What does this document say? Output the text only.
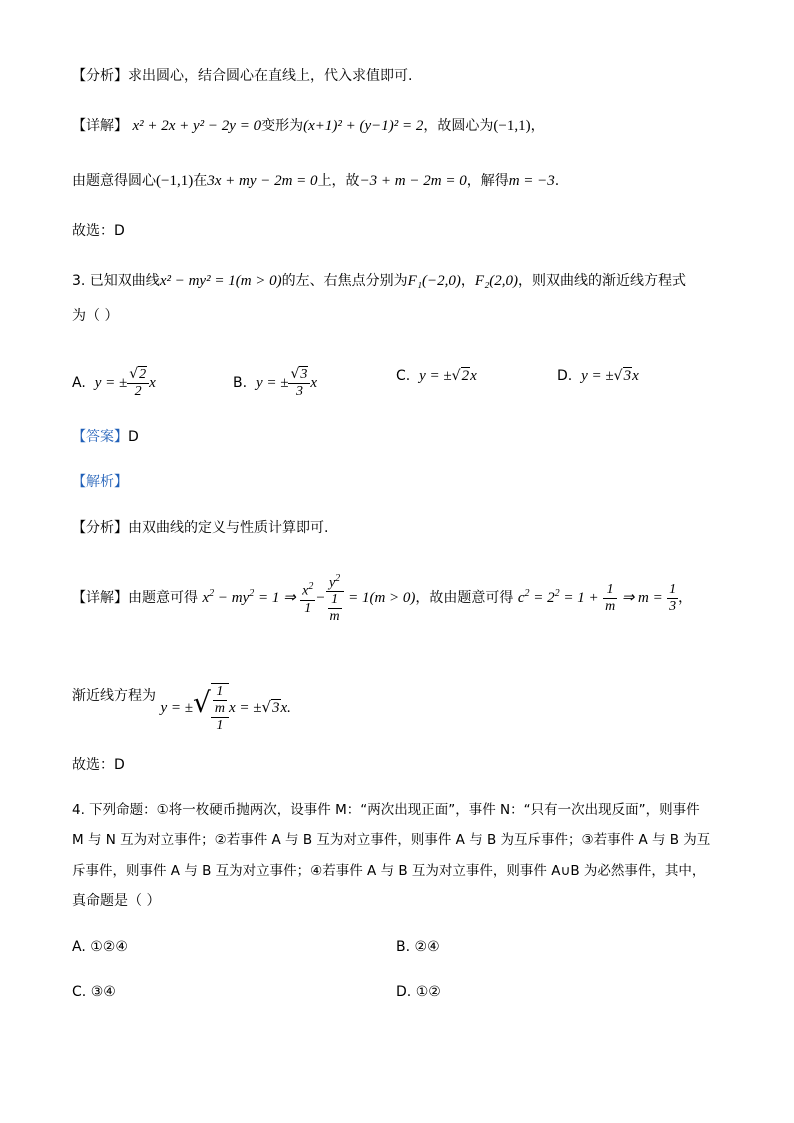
【分析】求出圆心，结合圆心在直线上，代入求值即可.
【详解】 x² + 2x + y² − 2y = 0变形为(x+1)² + (y−1)² = 2，故圆心为(−1,1)，
由题意得圆心(−1,1)在3x + my − 2m = 0上，故−3 + m − 2m = 0，解得m = −3.
故选：D
3. 已知双曲线x² − my² = 1(m > 0)的左、右焦点分别为F₁(−2,0)，F₂(2,0)，则双曲线的渐近线方程式
为（ ）
A. y = ± $\frac{√2}{2}$ x	B. y = ± $\frac{√3}{3}$ x	C. y = ±√2x	D. y = ±√3x
【答案】D
【解析】
【分析】由双曲线的定义与性质计算即可.
【详解】由题意可得 $x^2 - my^2 = 1$ ⇒ $\frac{x^2}{1} - \frac{y^2}{\frac{1}{m}} = 1(m > 0)$，故由题意可得 $c^2 = 2^2 = 1 + \frac{1}{m}$ ⇒ $m = \frac{1}{3}$ ，
渐近线方程为 y = ±√ $\frac{\frac{1}{m}}{1}$ x = ±√3x.
故选：D
4. 下列命题：①将一枚硬币抛两次，设事件 M：“两次出现正面”，事件 N：“只有一次出现反面”，则事件
M 与 N 互为对立事件；②若事件 A 与 B 互为对立事件，则事件 A 与 B 为互斥事件；③若事件 A 与 B 为互
斥事件，则事件 A 与 B 互为对立事件；④若事件 A 与 B 互为对立事件，则事件 A∪B 为必然事件，其中，
真命题是（ ）
A. ①②④	B. ②④
C. ③④	D. ①②
